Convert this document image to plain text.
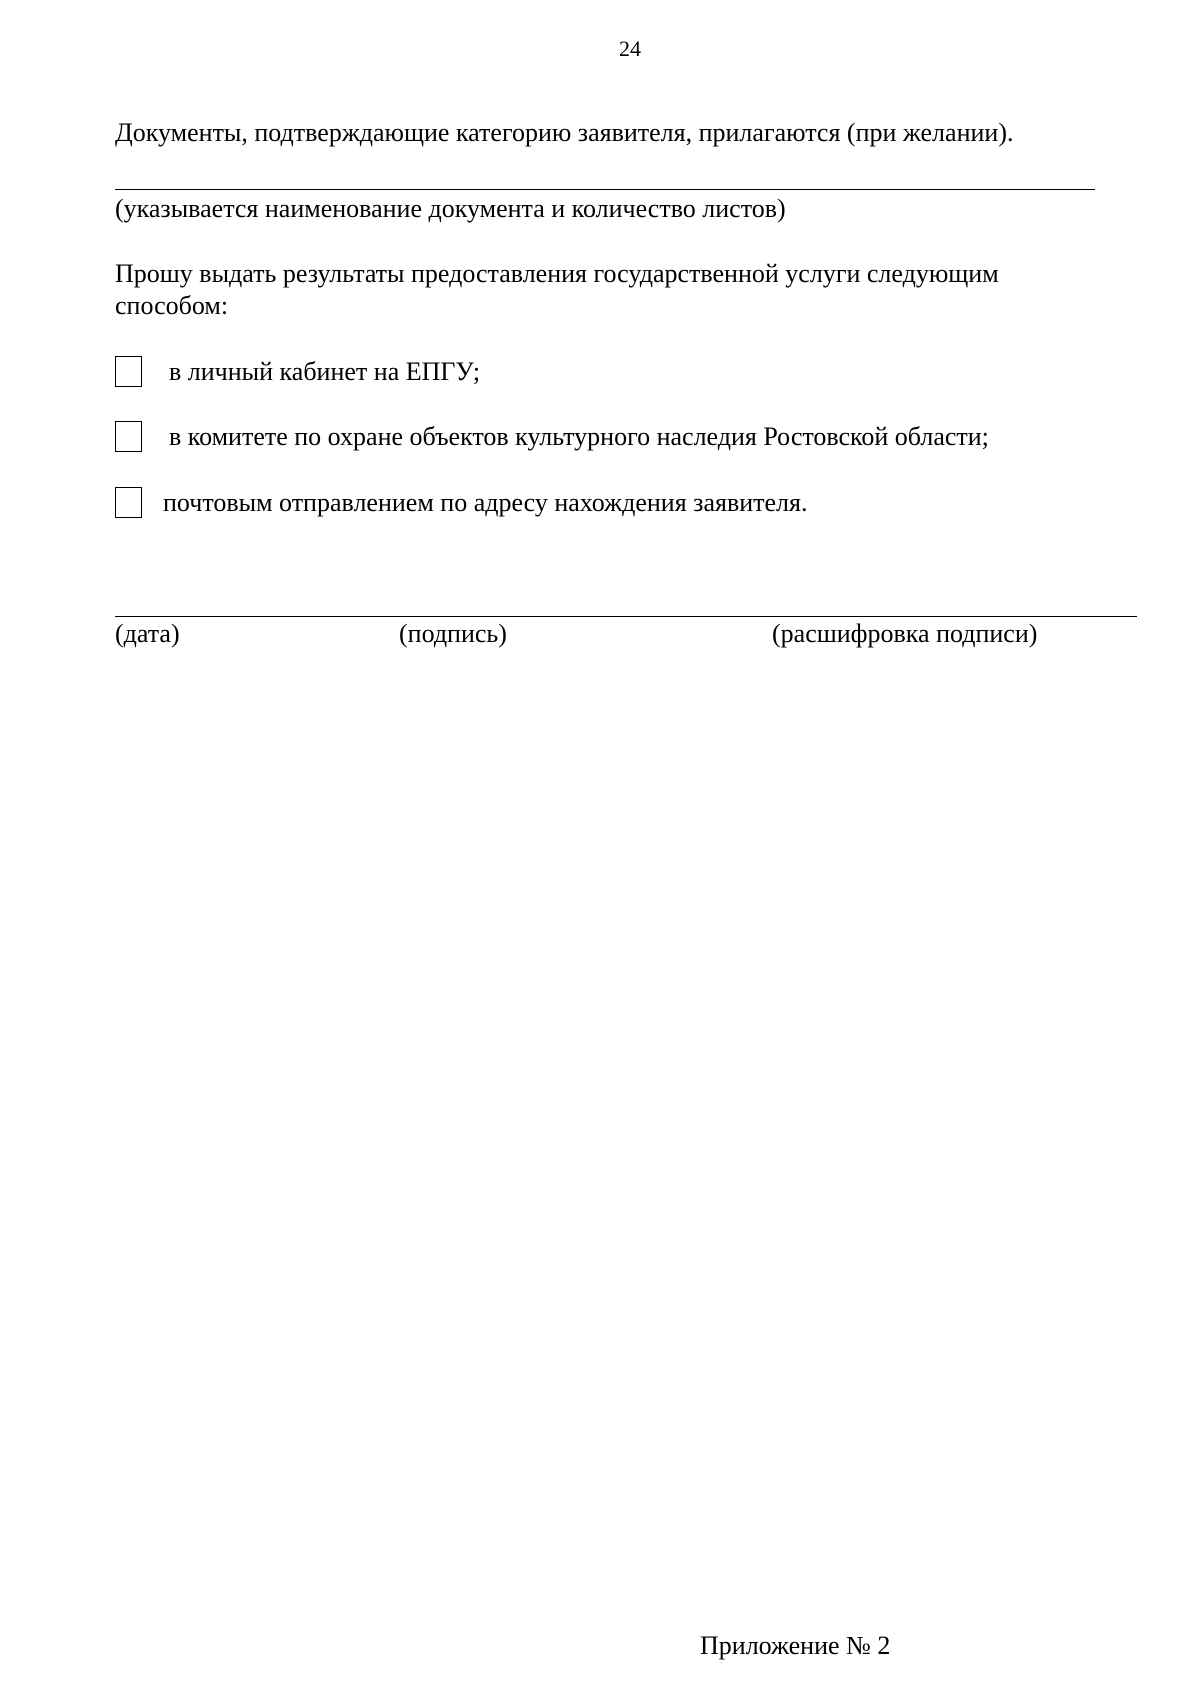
24
Документы, подтверждающие категорию заявителя, прилагаются (при желании).
(указывается наименование документа и количество листов)
Прошу выдать результаты предоставления государственной услуги следующим
способом:
в личный кабинет на ЕПГУ;
в комитете по охране объектов культурного наследия Ростовской области;
почтовым отправлением по адресу нахождения заявителя.
(дата)	(подпись)	(расшифровка подписи)
Приложение № 2
